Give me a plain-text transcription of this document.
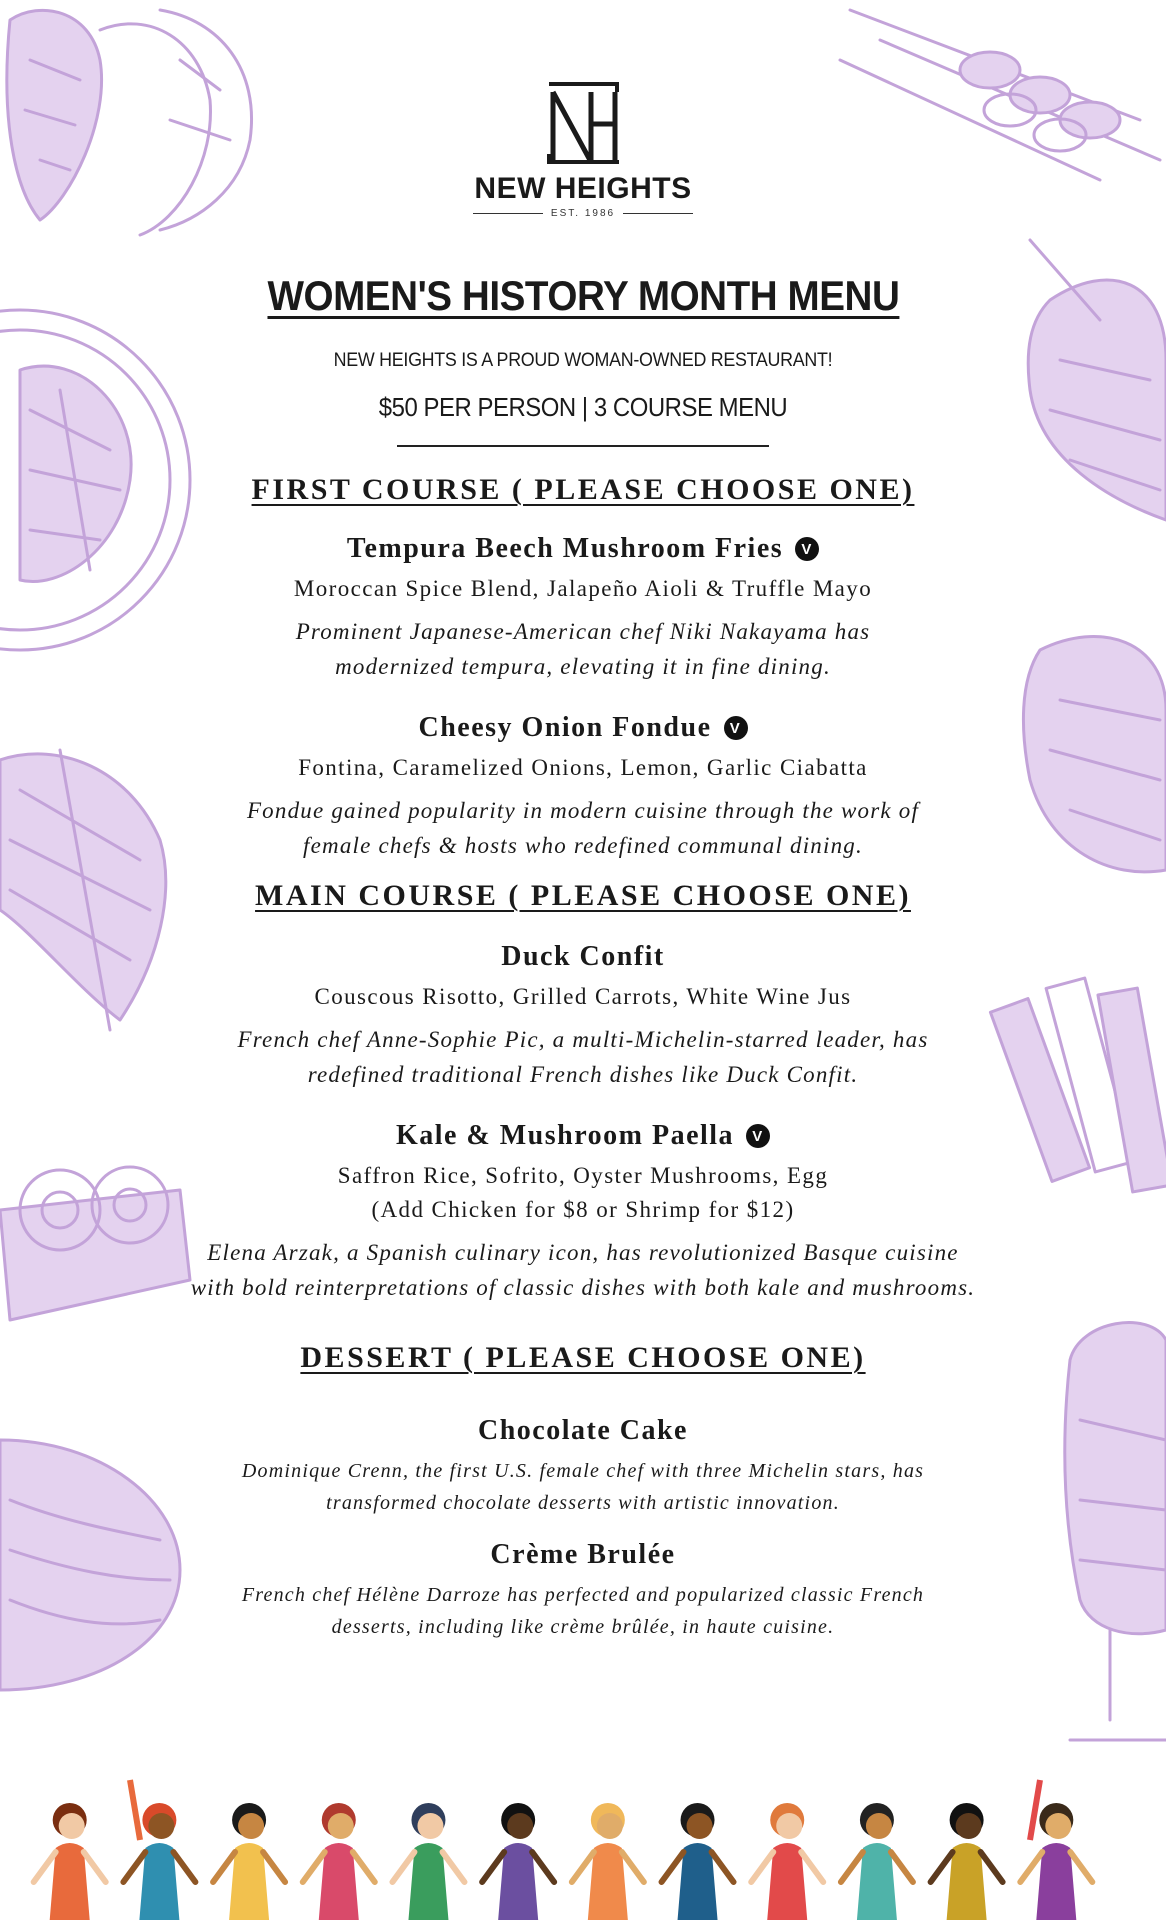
NEW HEIGHTS
EST. 1986
WOMEN'S HISTORY MONTH MENU
NEW HEIGHTS IS A PROUD WOMAN-OWNED RESTAURANT!
$50 PER PERSON | 3 COURSE MENU
FIRST COURSE ( PLEASE CHOOSE ONE)
Tempura Beech Mushroom Fries	V
Moroccan Spice Blend, Jalapeño Aioli & Truffle Mayo
Prominent Japanese-American chef Niki Nakayama has
modernized tempura, elevating it in fine dining.
Cheesy Onion Fondue	V
Fontina, Caramelized Onions, Lemon, Garlic Ciabatta
Fondue gained popularity in modern cuisine through the work of
female chefs & hosts who redefined communal dining.
MAIN COURSE ( PLEASE CHOOSE ONE)
Duck Confit
Couscous Risotto, Grilled Carrots, White Wine Jus
French chef Anne-Sophie Pic, a multi-Michelin-starred leader, has
redefined traditional French dishes like Duck Confit.
Kale & Mushroom Paella	V
Saffron Rice, Sofrito, Oyster Mushrooms, Egg
(Add Chicken for $8 or Shrimp for $12)
Elena Arzak, a Spanish culinary icon, has revolutionized Basque cuisine
with bold reinterpretations of classic dishes with both kale and mushrooms.
DESSERT ( PLEASE CHOOSE ONE)
Chocolate Cake
Dominique Crenn, the first U.S. female chef with three Michelin stars, has
transformed chocolate desserts with artistic innovation.
Crème Brulée
French chef Hélène Darroze has perfected and popularized classic French
desserts, including like crème brûlée, in haute cuisine.
